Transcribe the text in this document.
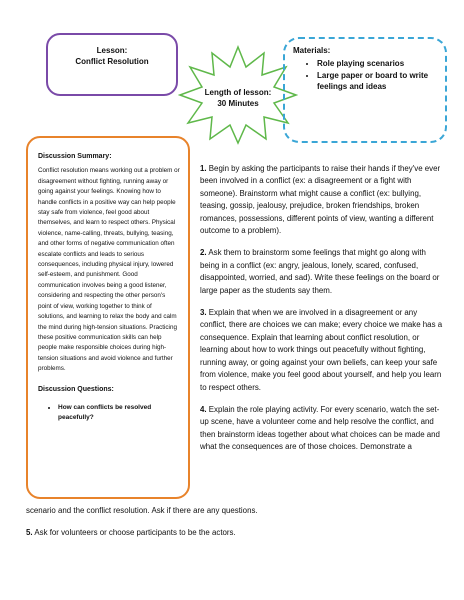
Lesson:
Conflict Resolution
Length of lesson:
30 Minutes
Materials:
• Role playing scenarios
• Large paper or board to write feelings and ideas
Discussion Summary:

Conflict resolution means working out a problem or disagreement without fighting, running away or going against your feelings. Knowing how to handle conflicts in a positive way can help people stay safe from violence, feel good about themselves, and learn to respect others. Physical violence, name-calling, threats, bullying, teasing, and other forms of negative communication often escalate conflicts and leads to serious consequences, including physical injury, lowered self-esteem, and punishment. Good communication involves being a good listener, considering and respecting the other person's point of view, working together to think of solutions, and learning to relax the body and calm the mind during high-tension situations. Practicing these positive communication skills can help people make responsible choices during high-tension situations and avoid violence and further problems.

Discussion Questions:
• How can conflicts be resolved peacefully?

1. Begin by asking the participants to raise their hands if they've ever been involved in a conflict (ex: a disagreement or a fight with someone). Brainstorm what might cause a conflict (ex: bullying, teasing, gossip, jealousy, prejudice, broken friendships, broken romances, possessions, different points of view, wanting a different outcome to a problem).

2. Ask them to brainstorm some feelings that might go along with being in a conflict (ex: angry, jealous, lonely, scared, confused, disappointed, worried, and sad). Write these feelings on the board or large paper as the students say them.

3. Explain that when we are involved in a disagreement or any conflict, there are choices we can make; every choice we make has a consequence. Explain that learning about conflict resolution, or learning about how to work things out peacefully without fighting, running away, or going against your own beliefs, can keep your safe from violence, make you feel good about yourself, and help you learn to respect others.

4. Explain the role playing activity. For every scenario, watch the set-up scene, have a volunteer come and help resolve the conflict, and then brainstorm ideas together about what choices can be made and what the consequences are of those choices. Demonstrate a

scenario and the conflict resolution. Ask if there are any questions.
5. Ask for volunteers or choose participants to be the actors.
